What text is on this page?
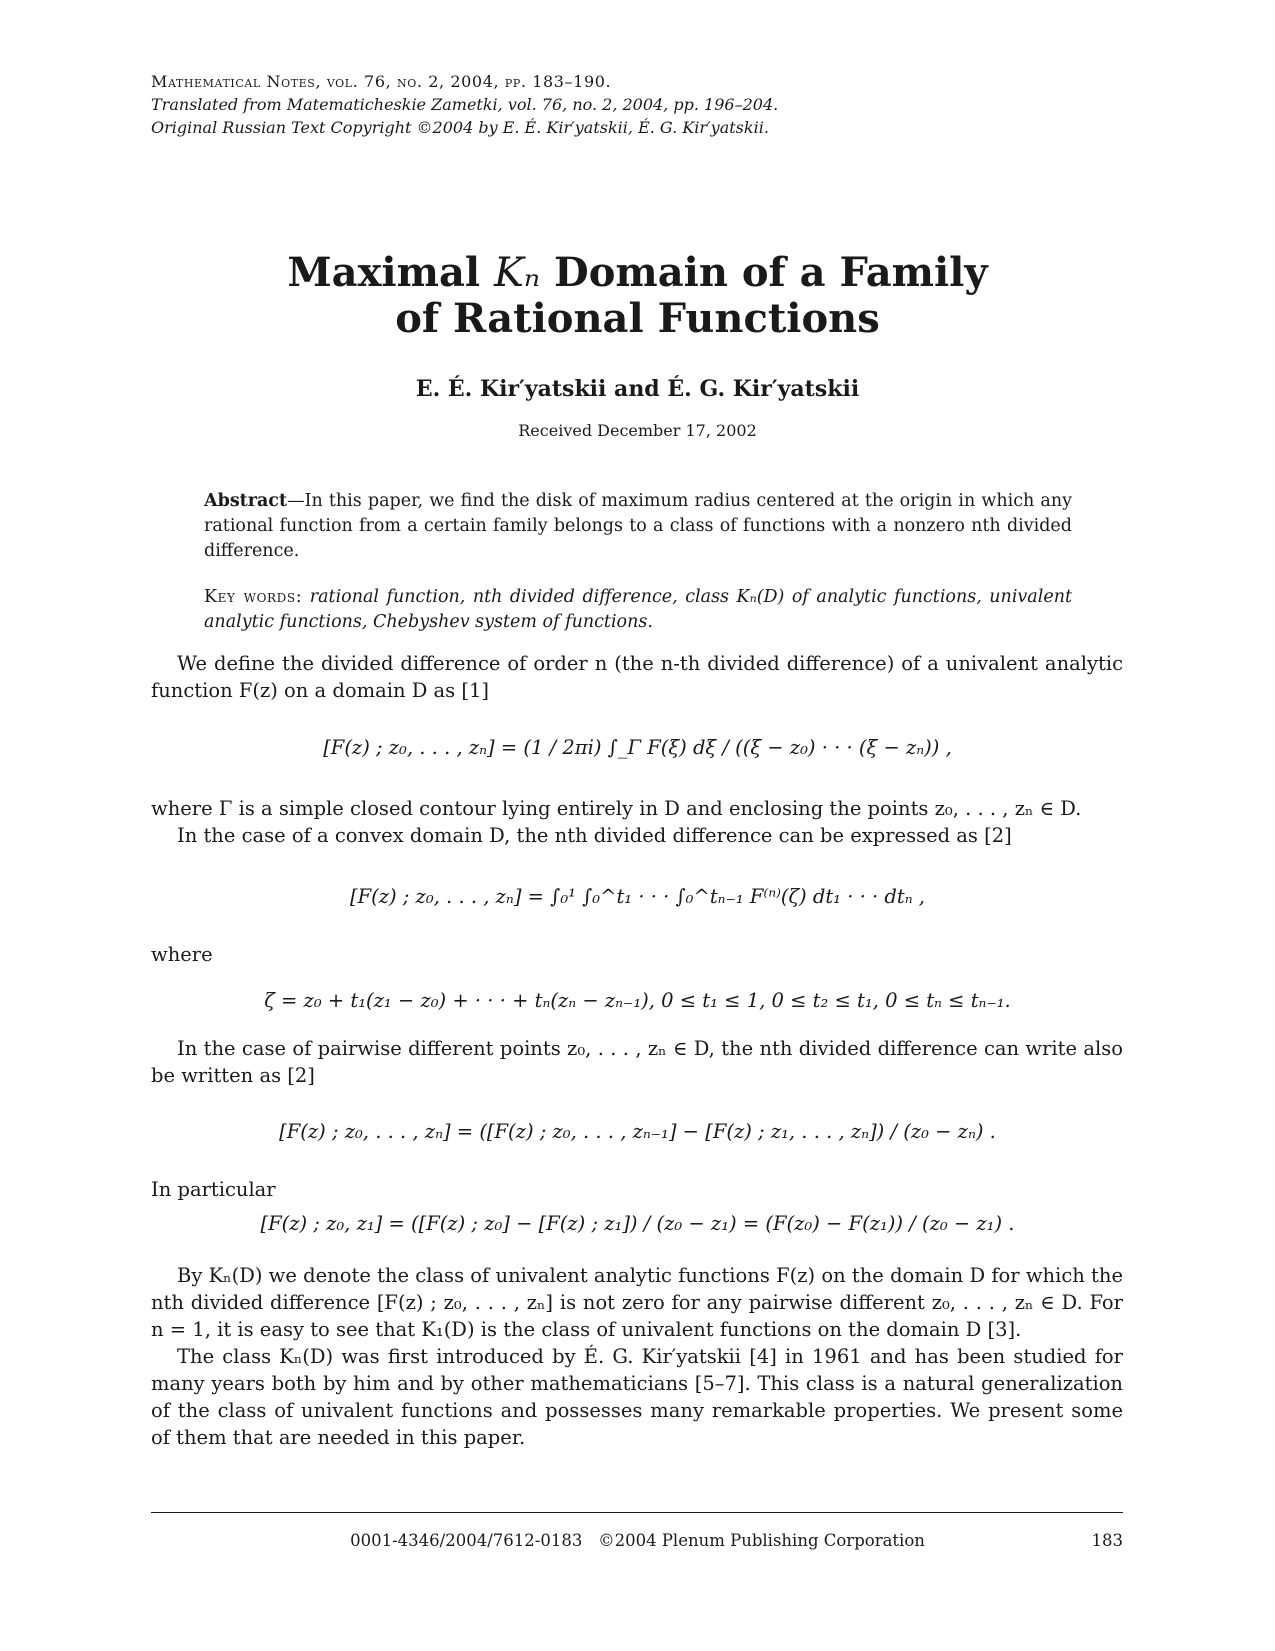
Mathematical Notes, vol. 76, no. 2, 2004, pp. 183–190.
Translated from Matematicheskie Zametki, vol. 76, no. 2, 2004, pp. 196–204.
Original Russian Text Copyright ©2004 by E. É. Kir′yatskii, É. G. Kir′yatskii.
Maximal Kₙ Domain of a Family
of Rational Functions
E. É. Kir′yatskii and É. G. Kir′yatskii
Received December 17, 2002
Abstract—In this paper, we find the disk of maximum radius centered at the origin in which any rational function from a certain family belongs to a class of functions with a nonzero nth divided difference.
Key words: rational function, nth divided difference, class Kₙ(D) of analytic functions, univalent analytic functions, Chebyshev system of functions.
We define the divided difference of order n (the n-th divided difference) of a univalent analytic function F(z) on a domain D as [1]
[F(z) ; z₀, . . . , zₙ] = (1 / 2πi) ∫_Γ F(ξ) dξ / ((ξ − z₀) · · · (ξ − zₙ)) ,
where Γ is a simple closed contour lying entirely in D and enclosing the points z₀, . . . , zₙ ∈ D.
In the case of a convex domain D, the nth divided difference can be expressed as [2]
[F(z) ; z₀, . . . , zₙ] = ∫₀¹ ∫₀^t₁ · · · ∫₀^tₙ₋₁ F⁽ⁿ⁾(ζ) dt₁ · · · dtₙ ,
where
ζ = z₀ + t₁(z₁ − z₀) + · · · + tₙ(zₙ − zₙ₋₁), 0 ≤ t₁ ≤ 1, 0 ≤ t₂ ≤ t₁, 0 ≤ tₙ ≤ tₙ₋₁.
In the case of pairwise different points z₀, . . . , zₙ ∈ D, the nth divided difference can write also be written as [2]
[F(z) ; z₀, . . . , zₙ] = ([F(z) ; z₀, . . . , zₙ₋₁] − [F(z) ; z₁, . . . , zₙ]) / (z₀ − zₙ) .
In particular
[F(z) ; z₀, z₁] = ([F(z) ; z₀] − [F(z) ; z₁]) / (z₀ − z₁) = (F(z₀) − F(z₁)) / (z₀ − z₁) .
By Kₙ(D) we denote the class of univalent analytic functions F(z) on the domain D for which the nth divided difference [F(z) ; z₀, . . . , zₙ] is not zero for any pairwise different z₀, . . . , zₙ ∈ D. For n = 1, it is easy to see that K₁(D) is the class of univalent functions on the domain D [3].
The class Kₙ(D) was first introduced by É. G. Kir′yatskii [4] in 1961 and has been studied for many years both by him and by other mathematicians [5–7]. This class is a natural generalization of the class of univalent functions and possesses many remarkable properties. We present some of them that are needed in this paper.
0001-4346/2004/7612-0183 ©2004 Plenum Publishing Corporation	183
